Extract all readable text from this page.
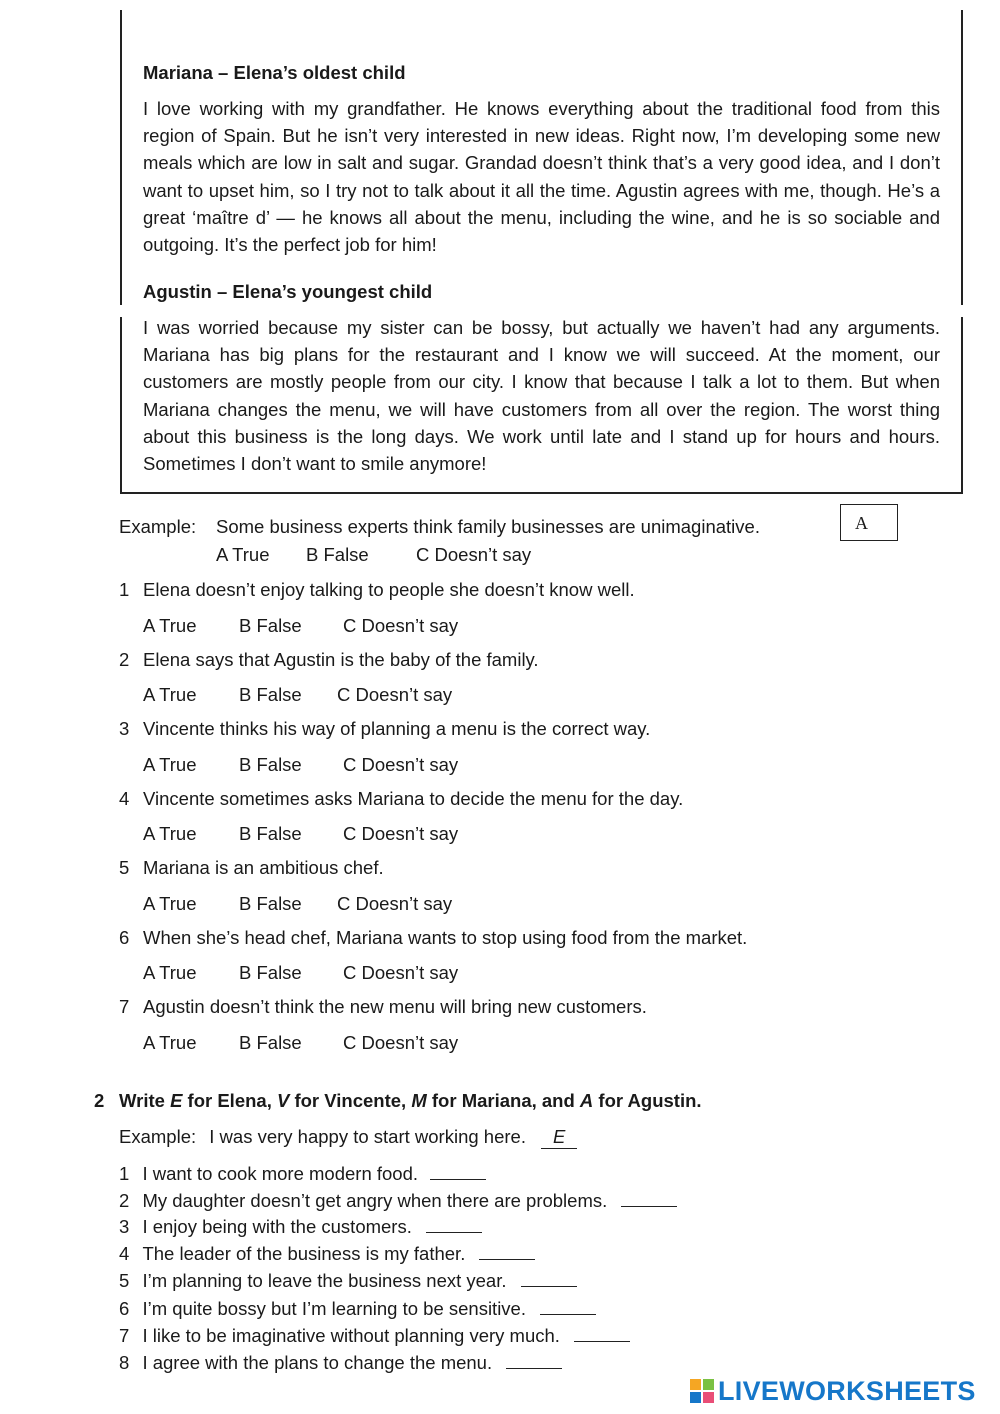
Mariana – Elena’s oldest child
I love working with my grandfather. He knows everything about the traditional food from this region of Spain. But he isn’t very interested in new ideas. Right now, I’m developing some new meals which are low in salt and sugar. Grandad doesn’t think that’s a very good idea, and I don’t want to upset him, so I try not to talk about it all the time. Agustin agrees with me, though. He’s a great ‘maître d’ — he knows all about the menu, including the wine, and he is so sociable and outgoing. It’s the perfect job for him!
Agustin – Elena’s youngest child
I was worried because my sister can be bossy, but actually we haven’t had any arguments. Mariana has big plans for the restaurant and I know we will succeed. At the moment, our customers are mostly people from our city. I know that because I talk a lot to them. But when Mariana changes the menu, we will have customers from all over the region. The worst thing about this business is the long days. We work until late and I stand up for hours and hours. Sometimes I don’t want to smile anymore!
Example: Some business experts think family businesses are unimaginative.	A
A True B False	C Doesn’t say
1 Elena doesn’t enjoy talking to people she doesn’t know well.
A True B False C Doesn’t say
2 Elena says that Agustin is the baby of the family.
A True B False C Doesn’t say
3 Vincente thinks his way of planning a menu is the correct way.
A True B False C Doesn’t say
4 Vincente sometimes asks Mariana to decide the menu for the day.
A True B False C Doesn’t say
5 Mariana is an ambitious chef.
A True B False C Doesn’t say
6 When she’s head chef, Mariana wants to stop using food from the market.
A True B False C Doesn’t say
7 Agustin doesn’t think the new menu will bring new customers.
A True B False C Doesn’t say
2 Write E for Elena, V for Vincente, M for Mariana, and A for Agustin.
Example: I was very happy to start working here. E
1 I want to cook more modern food.
2 My daughter doesn’t get angry when there are problems.
3 I enjoy being with the customers.
4 The leader of the business is my father.
5 I’m planning to leave the business next year.
6 I’m quite bossy but I’m learning to be sensitive.
7 I like to be imaginative without planning very much.
8 I agree with the plans to change the menu.
LIVEWORKSHEETS
